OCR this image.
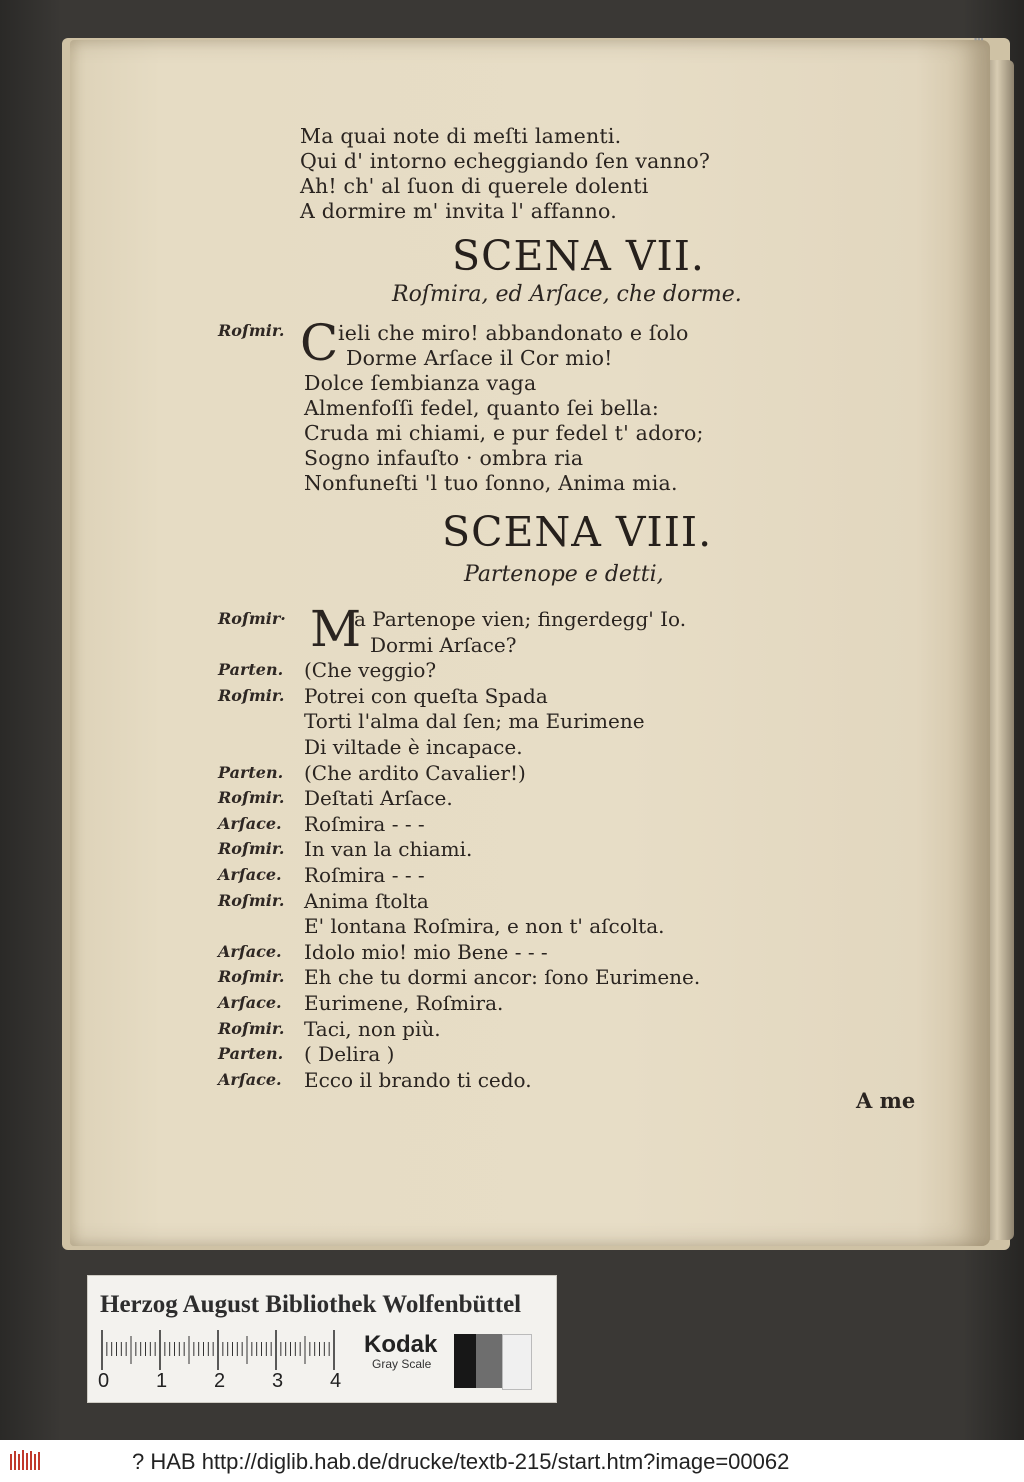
Ma quai note di meſti lamenti.
Qui d' intorno echeggiando ſen vanno?
Ah! ch' al ſuon di querele dolenti
A dormire m' invita l' affanno.
SCENA VII.
Roſmira, ed Arſace, che dorme.
Roſmir. C ieli che miro! abbandonato e ſolo
Dorme Arſace il Cor mio!
Dolce ſembianza vaga
Almenfoſſi fedel, quanto ſei bella:
Cruda mi chiami, e pur fedel t' adoro;
Sogno infauſto · ombra ria
Nonfuneſti 'l tuo ſonno, Anima mia.
SCENA VIII.
Partenope e detti,
M
Roſmir·	a Partenope vien; fingerdegg' Io.
Dormi Arſace?
Parten.	(Che veggio?
Roſmir. Potrei con queſta Spada
Torti l'alma dal ſen; ma Eurimene
Di viltade è incapace.
Parten.	(Che ardito Cavalier!)
Roſmir. Deſtati Arſace.
Arſace.	Roſmira - - -
Roſmir. In van la chiami.
Arſace.	Roſmira - - -
Roſmir. Anima ſtolta
E' lontana Roſmira, e non t' aſcolta.
Arſace.	Idolo mio! mio Bene - - -
Roſmir. Eh che tu dormi ancor: ſono Eurimene.
Arſace.	Eurimene, Roſmira.
Roſmir. Taci, non più.
Parten.	( Delira )
Arſace.	Ecco il brando ti cedo.
A me
Herzog August Bibliothek Wolfenbüttel
0 1 2 3 4
Kodak
Gray Scale
▪▪▪
? HAB http://diglib.hab.de/drucke/textb-215/start.htm?image=00062
